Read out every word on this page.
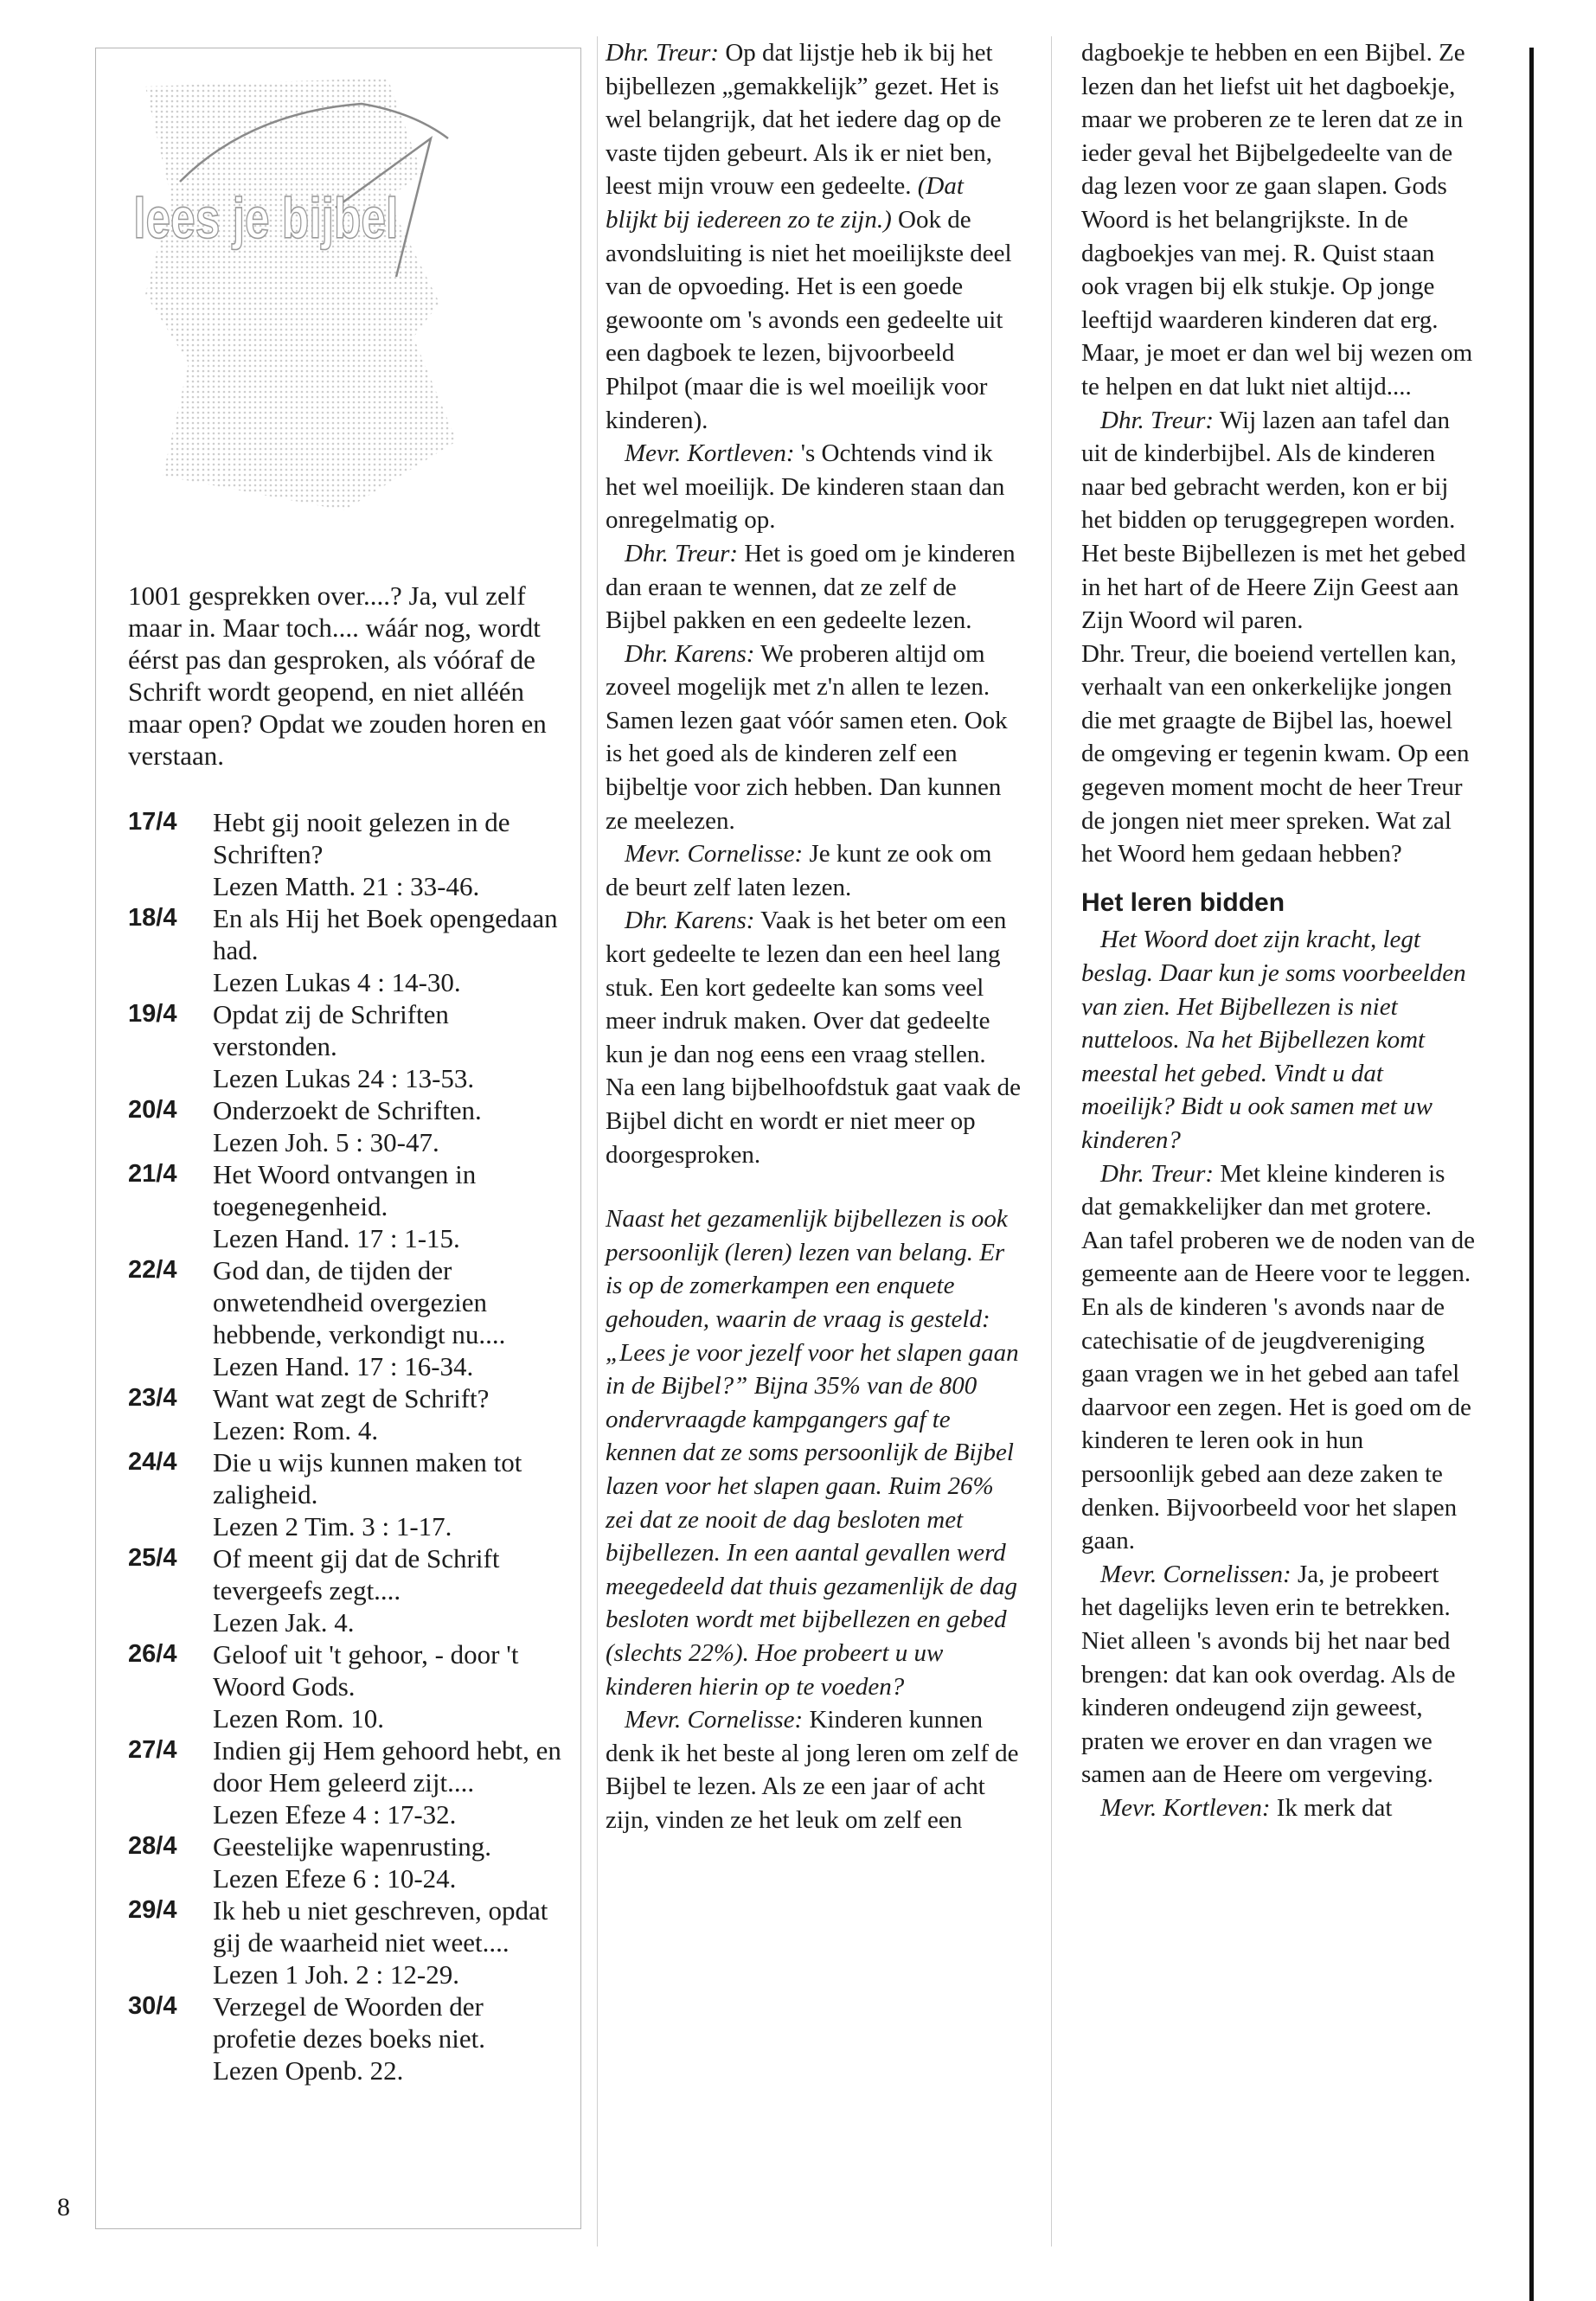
lees je bijbel

1001 gesprekken over....? Ja, vul zelf maar in. Maar toch.... wáár nog, wordt éérst pas dan gesproken, als vóóraf de Schrift wordt geopend, en niet alléén maar open? Opdat we zouden horen en verstaan.

17/4	Hebt gij nooit gelezen in de Schriften?
Lezen Matth. 21 : 33-46.
18/4	En als Hij het Boek opengedaan had.
Lezen Lukas 4 : 14-30.
19/4	Opdat zij de Schriften verstonden.
Lezen Lukas 24 : 13-53.
20/4	Onderzoekt de Schriften.
Lezen Joh. 5 : 30-47.
21/4	Het Woord ontvangen in toegenegenheid.
Lezen Hand. 17 : 1-15.
22/4	God dan, de tijden der onwetendheid overgezien hebbende, verkondigt nu....
Lezen Hand. 17 : 16-34.
23/4	Want wat zegt de Schrift?
Lezen: Rom. 4.
24/4	Die u wijs kunnen maken tot zaligheid.
Lezen 2 Tim. 3 : 1-17.
25/4	Of meent gij dat de Schrift tevergeefs zegt....
Lezen Jak. 4.
26/4	Geloof uit 't gehoor, - door 't Woord Gods.
Lezen Rom. 10.
27/4	Indien gij Hem gehoord hebt, en door Hem geleerd zijt....
Lezen Efeze 4 : 17-32.
28/4	Geestelijke wapenrusting.
Lezen Efeze 6 : 10-24.
29/4	Ik heb u niet geschreven, opdat gij de waarheid niet weet....
Lezen 1 Joh. 2 : 12-29.
30/4	Verzegel de Woorden der profetie dezes boeks niet.
Lezen Openb. 22.

Dhr. Treur: Op dat lijstje heb ik bij het bijbellezen „gemakkelijk” gezet. Het is wel belangrijk, dat het iedere dag op de vaste tijden gebeurt. Als ik er niet ben, leest mijn vrouw een gedeelte. (Dat blijkt bij iedereen zo te zijn.) Ook de avondsluiting is niet het moeilijkste deel van de opvoeding. Het is een goede gewoonte om 's avonds een gedeelte uit een dagboek te lezen, bijvoorbeeld Philpot (maar die is wel moeilijk voor kinderen).

Mevr. Kortleven: 's Ochtends vind ik het wel moeilijk. De kinderen staan dan onregelmatig op.

Dhr. Treur: Het is goed om je kinderen dan eraan te wennen, dat ze zelf de Bijbel pakken en een gedeelte lezen.

Dhr. Karens: We proberen altijd om zoveel mogelijk met z'n allen te lezen. Samen lezen gaat vóór samen eten. Ook is het goed als de kinderen zelf een bijbeltje voor zich hebben. Dan kunnen ze meelezen.

Mevr. Cornelisse: Je kunt ze ook om de beurt zelf laten lezen.

Dhr. Karens: Vaak is het beter om een kort gedeelte te lezen dan een heel lang stuk. Een kort gedeelte kan soms veel meer indruk maken. Over dat gedeelte kun je dan nog eens een vraag stellen. Na een lang bijbelhoofdstuk gaat vaak de Bijbel dicht en wordt er niet meer op doorgesproken.

Naast het gezamenlijk bijbellezen is ook persoonlijk (leren) lezen van belang. Er is op de zomerkampen een enquete gehouden, waarin de vraag is gesteld: „Lees je voor jezelf voor het slapen gaan in de Bijbel?” Bijna 35% van de 800 ondervraagde kampgangers gaf te kennen dat ze soms persoonlijk de Bijbel lazen voor het slapen gaan. Ruim 26% zei dat ze nooit de dag besloten met bijbellezen. In een aantal gevallen werd meegedeeld dat thuis gezamenlijk de dag besloten wordt met bijbellezen en gebed (slechts 22%). Hoe probeert u uw kinderen hierin op te voeden?

Mevr. Cornelisse: Kinderen kunnen denk ik het beste al jong leren om zelf de Bijbel te lezen. Als ze een jaar of acht zijn, vinden ze het leuk om zelf een

dagboekje te hebben en een Bijbel. Ze lezen dan het liefst uit het dagboekje, maar we proberen ze te leren dat ze in ieder geval het Bijbelgedeelte van de dag lezen voor ze gaan slapen. Gods Woord is het belangrijkste. In de dagboekjes van mej. R. Quist staan ook vragen bij elk stukje. Op jonge leeftijd waarderen kinderen dat erg. Maar, je moet er dan wel bij wezen om te helpen en dat lukt niet altijd....

Dhr. Treur: Wij lazen aan tafel dan uit de kinderbijbel. Als de kinderen naar bed gebracht werden, kon er bij het bidden op teruggegrepen worden. Het beste Bijbellezen is met het gebed in het hart of de Heere Zijn Geest aan Zijn Woord wil paren.

Dhr. Treur, die boeiend vertellen kan, verhaalt van een onkerkelijke jongen die met graagte de Bijbel las, hoewel de omgeving er tegenin kwam. Op een gegeven moment mocht de heer Treur de jongen niet meer spreken. Wat zal het Woord hem gedaan hebben?

Het leren bidden

Het Woord doet zijn kracht, legt beslag. Daar kun je soms voorbeelden van zien. Het Bijbellezen is niet nutteloos. Na het Bijbellezen komt meestal het gebed. Vindt u dat moeilijk? Bidt u ook samen met uw kinderen?

Dhr. Treur: Met kleine kinderen is dat gemakkelijker dan met grotere. Aan tafel proberen we de noden van de gemeente aan de Heere voor te leggen. En als de kinderen 's avonds naar de catechisatie of de jeugdvereniging gaan vragen we in het gebed aan tafel daarvoor een zegen. Het is goed om de kinderen te leren ook in hun persoonlijk gebed aan deze zaken te denken. Bijvoorbeeld voor het slapen gaan.

Mevr. Cornelissen: Ja, je probeert het dagelijks leven erin te betrekken. Niet alleen 's avonds bij het naar bed brengen: dat kan ook overdag. Als de kinderen ondeugend zijn geweest, praten we erover en dan vragen we samen aan de Heere om vergeving.

Mevr. Kortleven: Ik merk dat

8
